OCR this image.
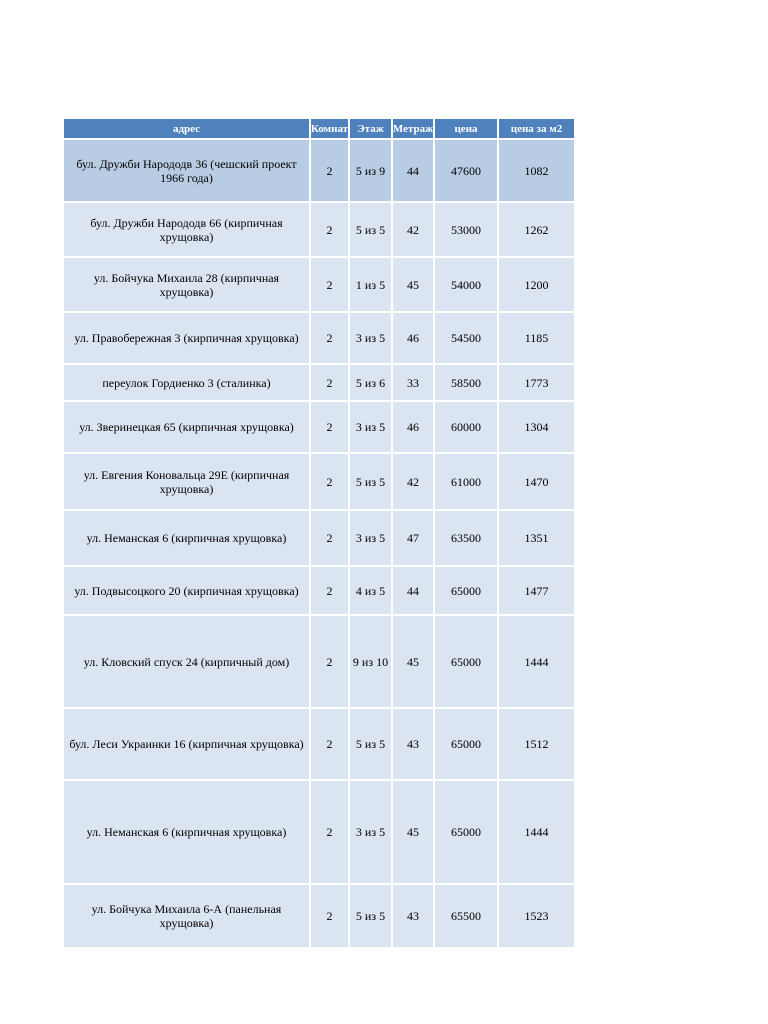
адрес	Комнат Этаж Метраж	цена	цена за м2
бул. Дружби Народодв 36 (чешский проект 1966 года)	2 5 из 9 44	47600	1082
бул. Дружби Народодв 66 (кирпичная хрущовка)	2 5 из 5 42	53000	1262
ул. Бойчука Михаила 28 (кирпичная хрущовка)	2 1 из 5 45	54000	1200
ул. Правобережная 3 (кирпичная хрущовка) 2 3 из 5 46	54500	1185
переулок Гордиенко 3 (сталинка)	2 5 из 6 33	58500	1773
ул. Зверинецкая 65 (кирпичная хрущовка)	2 3 из 5 46	60000	1304
ул. Евгения Коновальца 29Е (кирпичная хрущовка)	2 5 из 5 42	61000	1470
ул. Неманская 6 (кирпичная хрущовка)	2 3 из 5 47	63500	1351
ул. Подвысоцкого 20 (кирпичная хрущовка) 2 4 из 5 44	65000	1477
ул. Кловский спуск 24 (кирпичный дом)	2 9 из 10 45	65000	1444
бул. Леси Украинки 16 (кирпичная хрущовка) 2 5 из 5 43	65000	1512
ул. Неманская 6 (кирпичная хрущовка)	2 3 из 5 45	65000	1444
ул. Бойчука Михаила 6-А (панельная хрущовка)	2 5 из 5 43	65500	1523
